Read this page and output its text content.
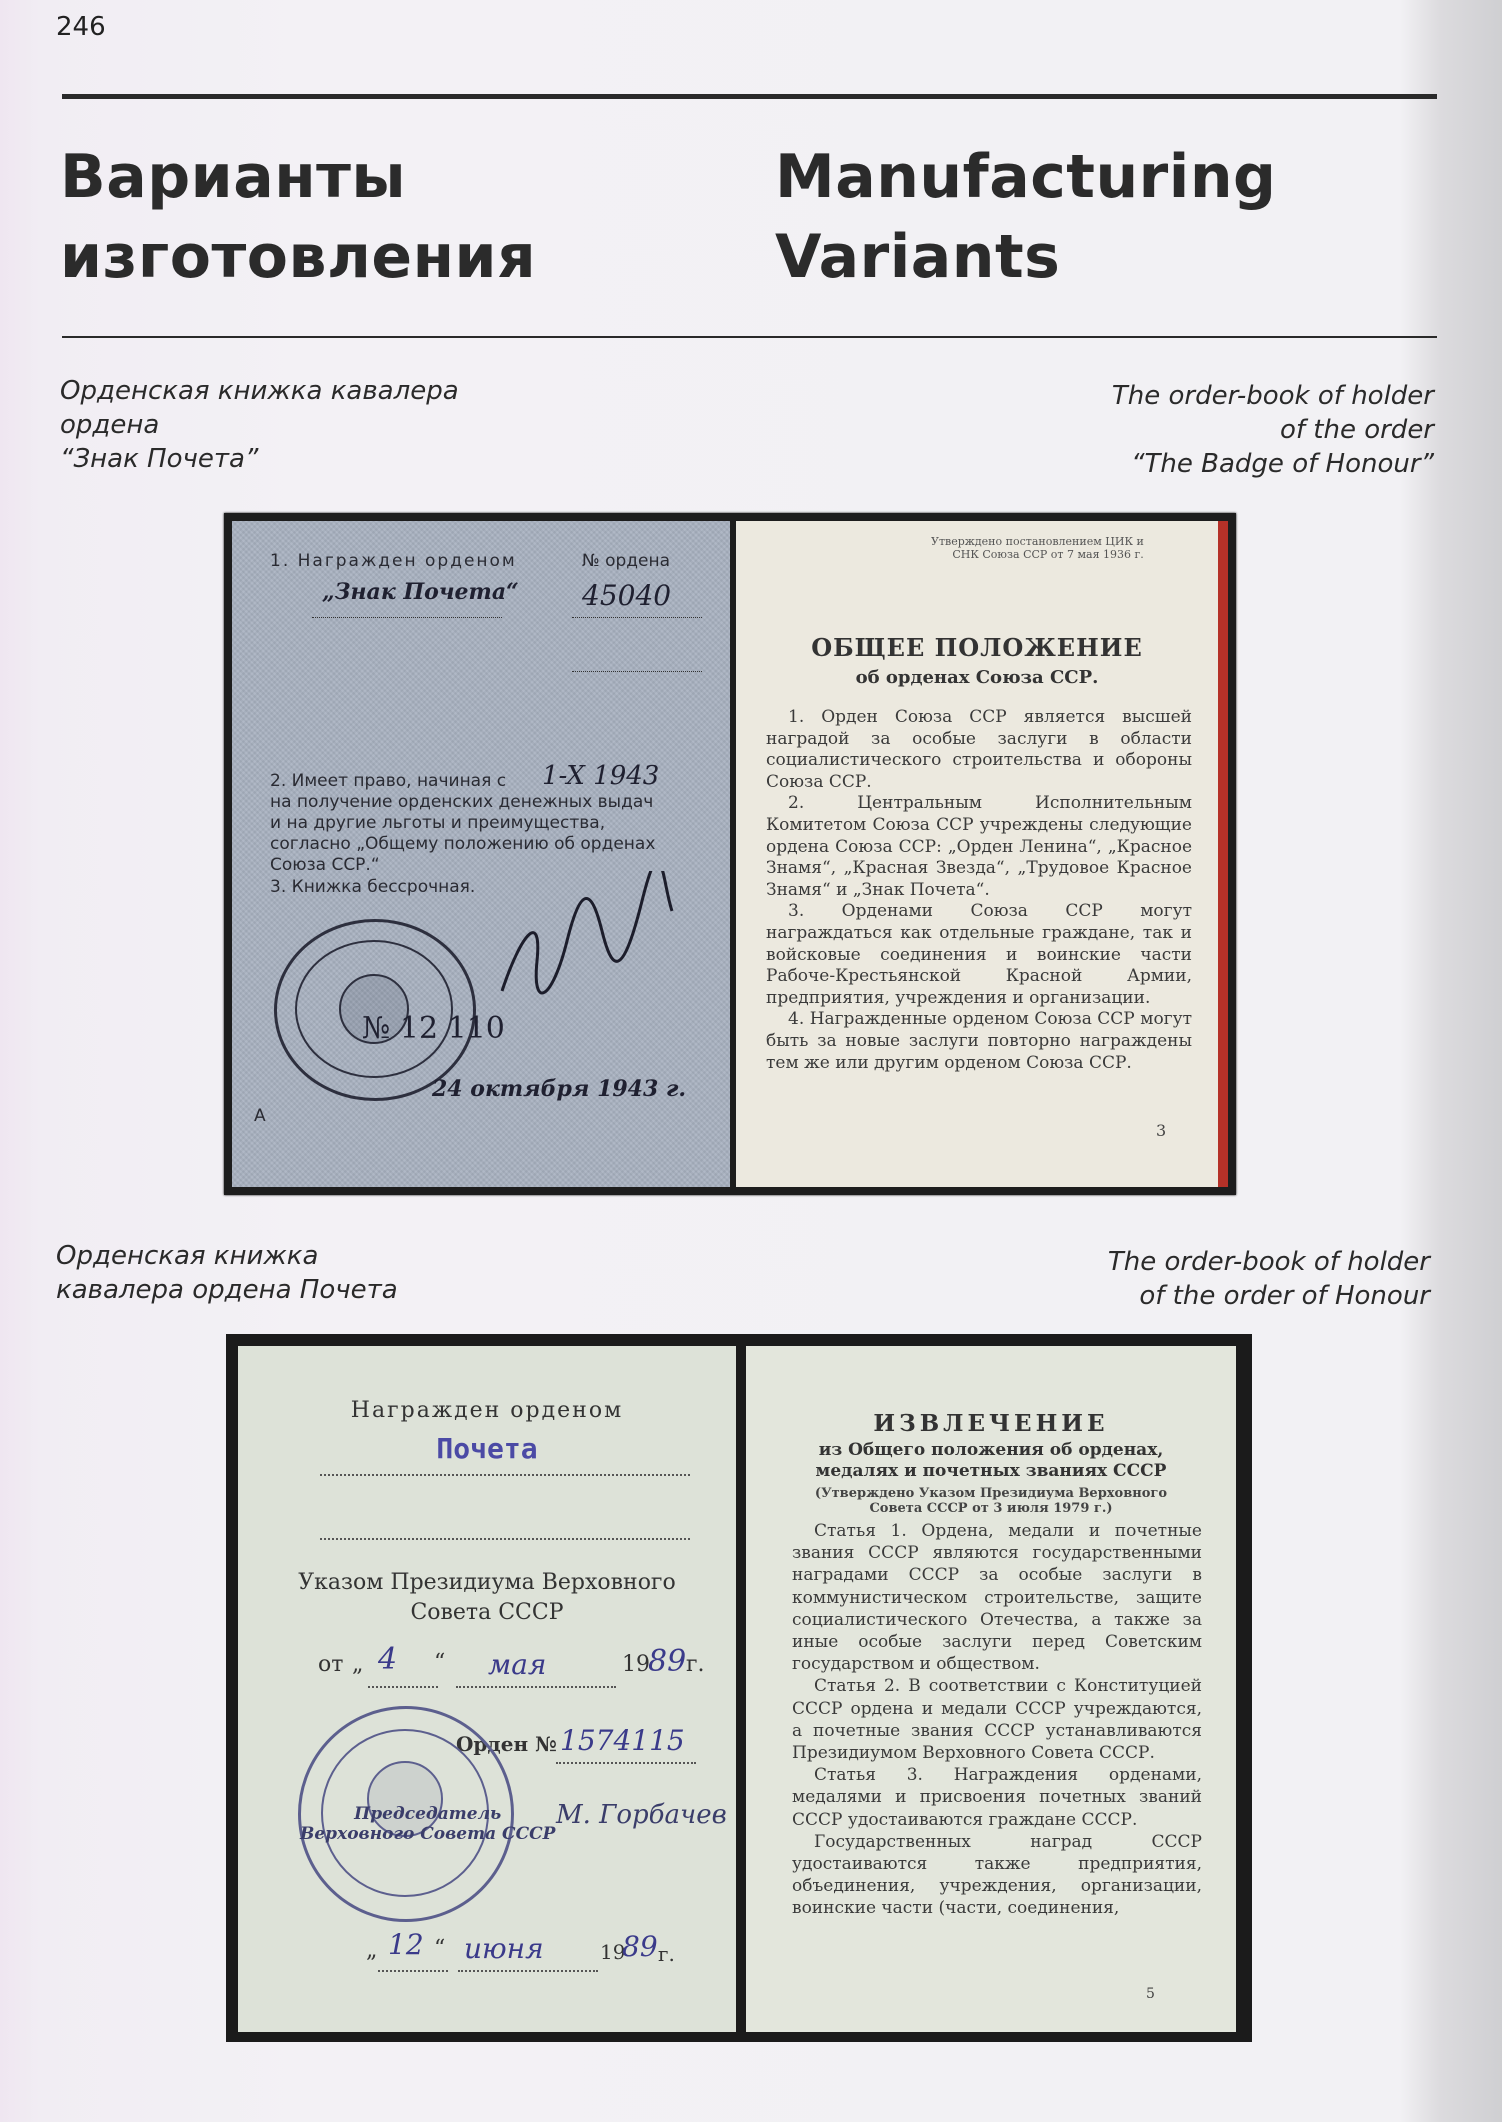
246
Варианты
изготовления
Manufacturing
Variants
Орденская книжка кавалера
ордена
“Знак Почета”
The order-book of holder
of the order
“The Badge of Honour”
1. Награжден орденом	№ ордена
„Знак Почета“ 45040
2. Имеет право, начиная с
на получение орденских денежных выдач
и на другие льготы и преимущества,
согласно „Общему положению об орденах
Союза ССР.“
1-X 1943
3. Книжка бессрочная.
№ 12 110
24 октября 1943 г.
А
Утверждено постановлением ЦИК и
СНК Союза ССР от 7 мая 1936 г.
ОБЩЕЕ ПОЛОЖЕНИЕ
об орденах Союза ССР.
1. Орден Союза ССР является высшей наградой за особые заслуги в области социалистического строительства и обороны Союза ССР.
2. Центральным Исполнительным Комитетом Союза ССР учреждены следующие ордена Союза ССР: „Орден Ленина“, „Красное Знамя“, „Красная Звезда“, „Трудовое Красное Знамя“ и „Знак Почета“.
3. Орденами Союза ССР могут награждаться как отдельные граждане, так и войсковые соединения и воинские части Рабоче-Крестьянской Красной Армии, предприятия, учреждения и организации.
4. Награжденные орденом Союза ССР могут быть за новые заслуги повторно награждены тем же или другим орденом Союза ССР.
3
Орденская книжка
кавалера ордена Почета
The order-book of holder
of the order of Honour
Награжден орденом
Почета
Указом Президиума Верховного
Совета СССР
от „ 4 “ мая	19
89 г.
Орден № 1574115
Председатель
Верховного Совета СССР
М. Горбачев
„ 12 “ июня	19
89 г.
ИЗВЛЕЧЕНИЕ
из Общего положения об орденах,
медалях и почетных званиях СССР
(Утверждено Указом Президиума Верховного
Совета СССР от 3 июля 1979 г.)
Статья 1. Ордена, медали и почетные звания СССР являются государственными наградами СССР за особые заслуги в коммунистическом строительстве, защите социалистического Отечества, а также за иные особые заслуги перед Советским государством и обществом.
Статья 2. В соответствии с Конституцией СССР ордена и медали СССР учреждаются, а почетные звания СССР устанавливаются Президиумом Верховного Совета СССР.
Статья 3. Награждения орденами, медалями и присвоения почетных званий СССР удостаиваются граждане СССР.
Государственных наград СССР удостаиваются также предприятия, объединения, учреждения, организации, воинские части (части, соединения,
5
